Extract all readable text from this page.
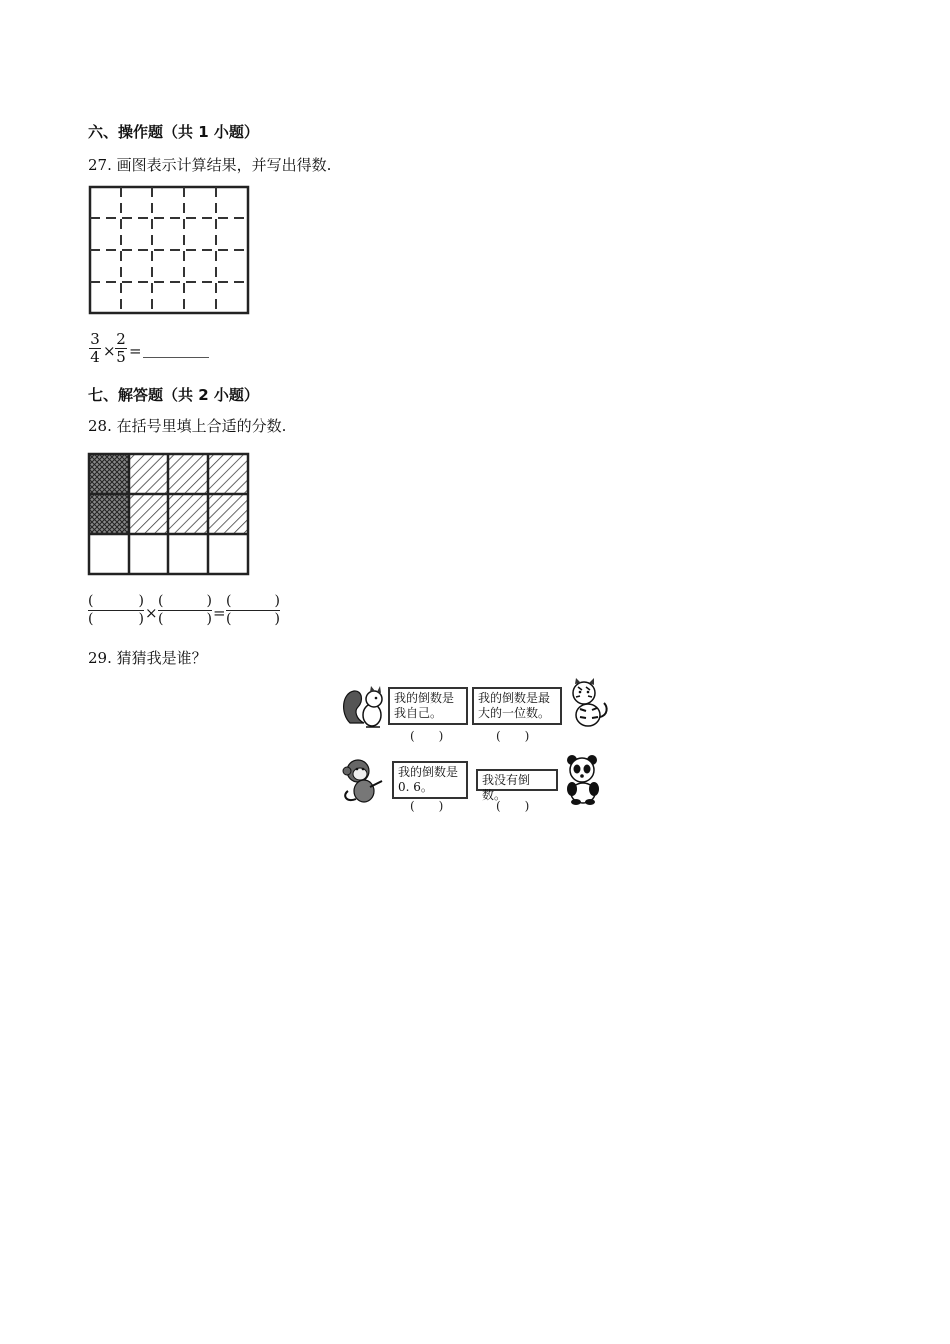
六、操作题（共 1 小题）
27. 画图表示计算结果，并写出得数.
$\frac{3}{4} \times \frac{2}{5}$ =
七、解答题（共 2 小题）
28. 在括号里填上合适的分数.
(	)
(	) ×
(	)
(	) =
(	)
(	)
29. 猜猜我是谁？
我的倒数是
我自己。
(　　)
我的倒数是最
大的一位数。
(　　)
我的倒数是
0. 6。
(　　)
我没有倒数。
(　　)
